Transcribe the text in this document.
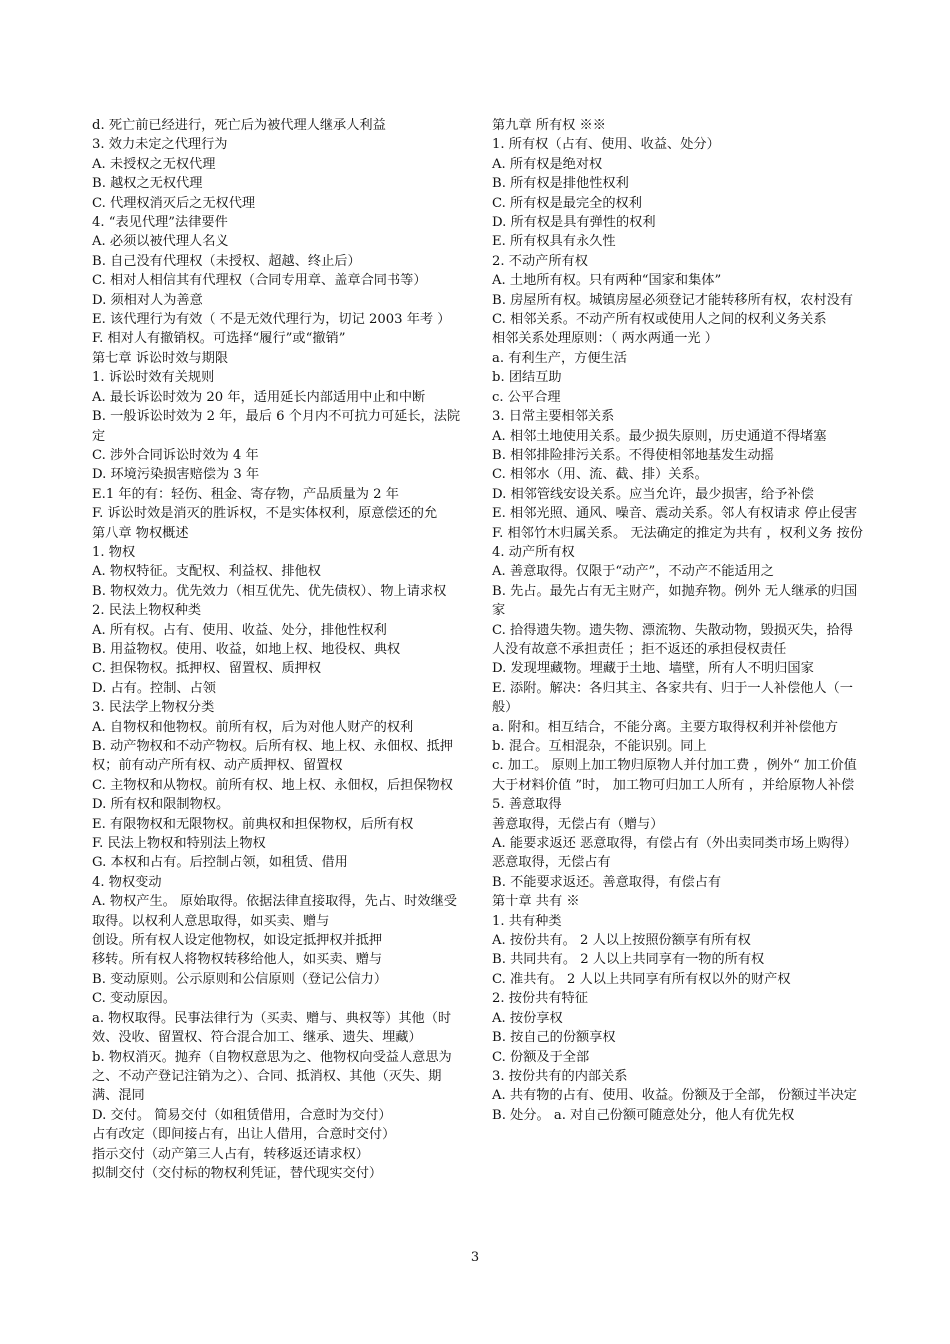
d. 死亡前已经进行，死亡后为被代理人继承人利益
3. 效力未定之代理行为
A. 未授权之无权代理
B. 越权之无权代理
C. 代理权消灭后之无权代理
4. “表见代理”法律要件
A. 必须以被代理人名义
B. 自己没有代理权（未授权、超越、终止后）
C. 相对人相信其有代理权（合同专用章、盖章合同书等）
D. 须相对人为善意
E. 该代理行为有效（ 不是无效代理行为，切记 2003 年考 ）
F. 相对人有撤销权。可选择“履行”或“撤销”
第七章 诉讼时效与期限
1. 诉讼时效有关规则
A. 最长诉讼时效为 20 年，适用延长内部适用中止和中断
B. 一般诉讼时效为 2 年，最后 6 个月内不可抗力可延长，法院定
C. 涉外合同诉讼时效为 4 年
D. 环境污染损害赔偿为 3 年
E.1 年的有：轻伤、租金、寄存物，产品质量为 2 年
F. 诉讼时效是消灭的胜诉权，不是实体权利，原意偿还的允
第八章 物权概述
1. 物权
A. 物权特征。支配权、利益权、排他权
B. 物权效力。优先效力（相互优先、优先债权）、物上请求权
2. 民法上物权种类
A. 所有权。占有、使用、收益、处分，排他性权利
B. 用益物权。使用、收益，如地上权、地役权、典权
C. 担保物权。抵押权、留置权、质押权
D. 占有。控制、占领
3. 民法学上物权分类
A. 自物权和他物权。前所有权，后为对他人财产的权利
B. 动产物权和不动产物权。后所有权、地上权、永佃权、抵押权；前有动产所有权、动产质押权、留置权
C. 主物权和从物权。前所有权、地上权、永佃权，后担保物权
D. 所有权和限制物权。
E. 有限物权和无限物权。前典权和担保物权，后所有权
F. 民法上物权和特别法上物权
G. 本权和占有。后控制占领，如租赁、借用
4. 物权变动
A. 物权产生。 原始取得。依据法律直接取得，先占、时效继受取得。以权利人意思取得，如买卖、赠与
创设。所有权人设定他物权，如设定抵押权并抵押
移转。所有权人将物权转移给他人，如买卖、赠与
B. 变动原则。公示原则和公信原则（登记公信力）
C. 变动原因。
a. 物权取得。民事法律行为（买卖、赠与、典权等）其他（时效、没收、留置权、符合混合加工、继承、遗失、埋藏）
b. 物权消灭。抛弃（自物权意思为之、他物权向受益人意思为之、不动产登记注销为之）、合同、抵消权、其他（灭失、期满、混同
D. 交付。 简易交付（如租赁借用，合意时为交付）
占有改定（即间接占有，出让人借用，合意时交付）
指示交付（动产第三人占有，转移返还请求权）
拟制交付（交付标的物权利凭证，替代现实交付）
第九章 所有权 ※※
1. 所有权（占有、使用、收益、处分）
A. 所有权是绝对权
B. 所有权是排他性权利
C. 所有权是最完全的权利
D. 所有权是具有弹性的权利
E. 所有权具有永久性
2. 不动产所有权
A. 土地所有权。只有两种“国家和集体”
B. 房屋所有权。城镇房屋必须登记才能转移所有权，农村没有
C. 相邻关系。不动产所有权或使用人之间的权利义务关系
相邻关系处理原则：（ 两水两通一光 ）
a. 有利生产，方便生活
b. 团结互助
c. 公平合理
3. 日常主要相邻关系
A. 相邻土地使用关系。最少损失原则，历史通道不得堵塞
B. 相邻排险排污关系。不得使相邻地基发生动摇
C. 相邻水（用、流、截、排）关系。
D. 相邻管线安设关系。应当允许，最少损害，给予补偿
E. 相邻光照、通风、噪音、震动关系。邻人有权请求 停止侵害
F. 相邻竹木归属关系。 无法确定的推定为共有 ，权利义务 按份
4. 动产所有权
A. 善意取得。仅限于“动产”，不动产不能适用之
B. 先占。最先占有无主财产，如抛弃物。例外 无人继承的归国家
C. 拾得遗失物。遗失物、漂流物、失散动物，毁损灭失，拾得人没有故意不承担责任 ；拒不返还的承担侵权责任
D. 发现埋藏物。埋藏于土地、墙壁，所有人不明归国家
E. 添附。解决：各归其主、各家共有、归于一人补偿他人（一般）
a. 附和。相互结合，不能分离。主要方取得权利并补偿他方
b. 混合。互相混杂，不能识别。同上
c. 加工。 原则上加工物归原物人并付加工费 ，例外“ 加工价值大于材料价值 ”时， 加工物可归加工人所有 ，并给原物人补偿
5. 善意取得
善意取得，无偿占有（赠与）
A. 能要求返还 恶意取得，有偿占有（外出卖同类市场上购得）
恶意取得，无偿占有
B. 不能要求返还。善意取得，有偿占有
第十章 共有 ※
1. 共有种类
A. 按份共有。 2 人以上按照份额享有所有权
B. 共同共有。 2 人以上共同享有一物的所有权
C. 准共有。 2 人以上共同享有所有权以外的财产权
2. 按份共有特征
A. 按份享权
B. 按自己的份额享权
C. 份额及于全部
3. 按份共有的内部关系
A. 共有物的占有、使用、收益。份额及于全部， 份额过半决定
B. 处分。 a. 对自己份额可随意处分，他人有优先权
3
